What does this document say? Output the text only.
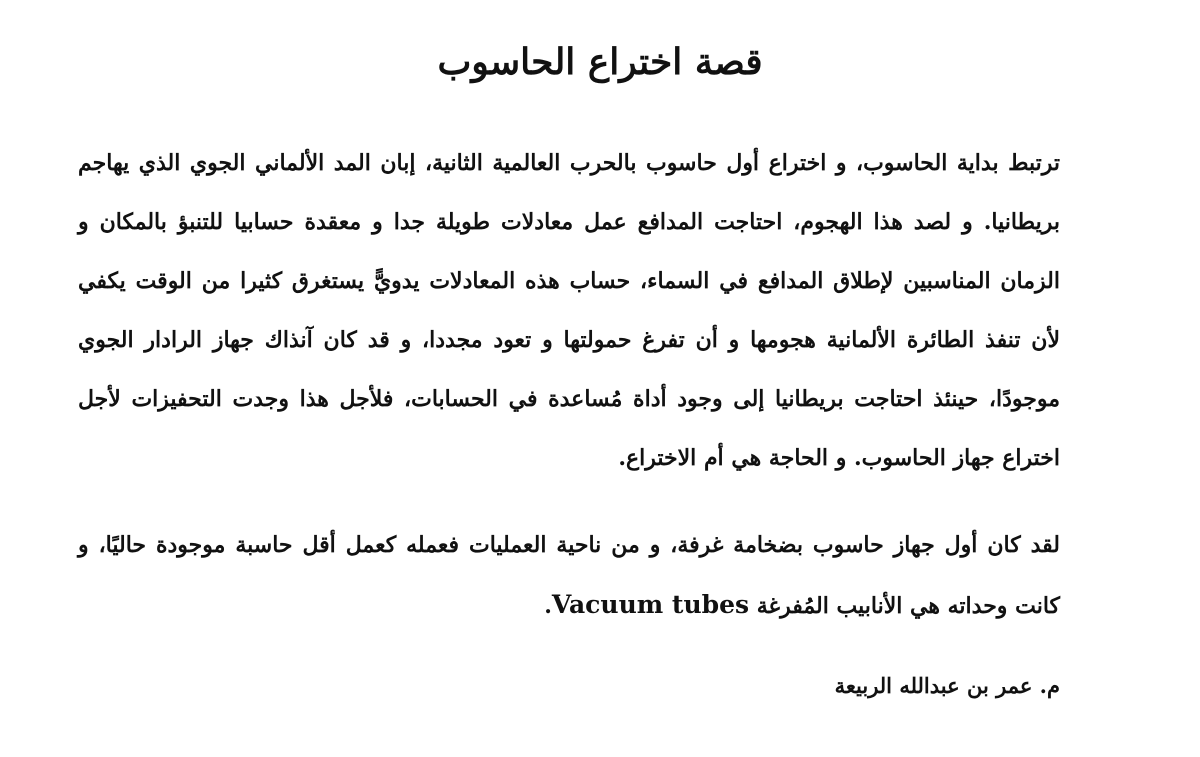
قصة اختراع الحاسوب

ترتبط بداية الحاسوب، و اختراع أول حاسوب بالحرب العالمية الثانية، إبان المد الألماني الجوي الذي يهاجم بريطانيا. و لصد هذا الهجوم، احتاجت المدافع عمل معادلات طويلة جدا و معقدة حسابيا للتنبؤ بالمكان و الزمان المناسبين لإطلاق المدافع في السماء، حساب هذه المعادلات يدويًّ يستغرق كثيرا من الوقت يكفي لأن تنفذ الطائرة الألمانية هجومها و أن تفرغ حمولتها و تعود مجددا، و قد كان آنذاك جهاز الرادار الجوي موجودًا، حينئذ احتاجت بريطانيا إلى وجود أداة مُساعدة في الحسابات، فلأجل هذا وجدت التحفيزات لأجل اختراع جهاز الحاسوب. و الحاجة هي أم الاختراع.

لقد كان أول جهاز حاسوب بضخامة غرفة، و من ناحية العمليات فعمله كعمل أقل حاسبة موجودة حاليًا، و كانت وحداته هي الأنابيب المُفرغة Vacuum tubes.

م. عمر بن عبدالله الربيعة
